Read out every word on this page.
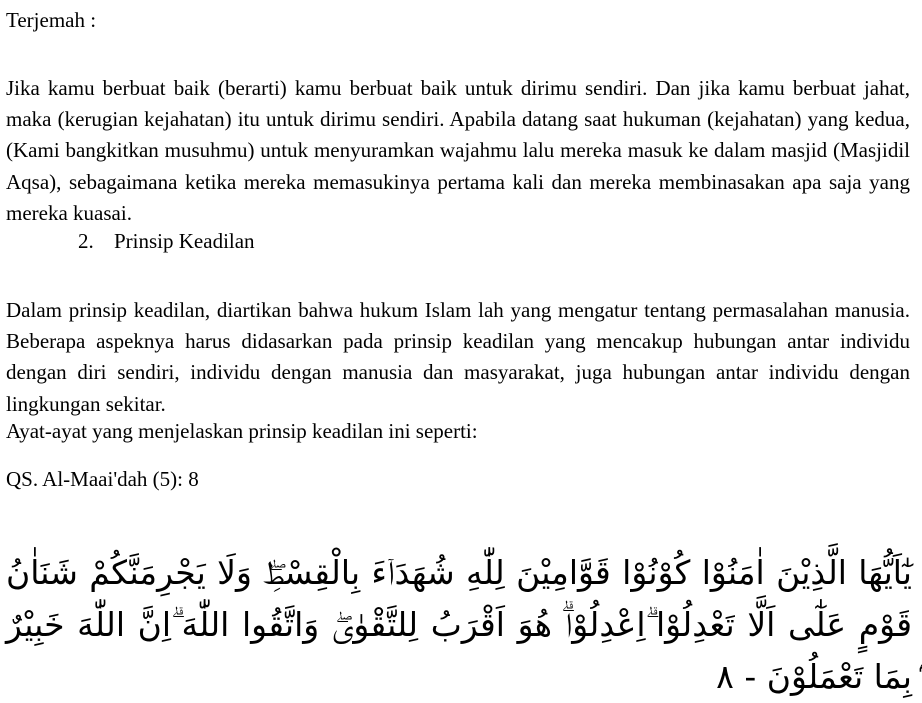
Terjemah :

Jika kamu berbuat baik (berarti) kamu berbuat baik untuk dirimu sendiri. Dan jika kamu berbuat jahat, maka (kerugian kejahatan) itu untuk dirimu sendiri. Apabila datang saat hukuman (kejahatan) yang kedua, (Kami bangkitkan musuhmu) untuk menyuramkan wajahmu lalu mereka masuk ke dalam masjid (Masjidil Aqsa), sebagaimana ketika mereka memasukinya pertama kali dan mereka membinasakan apa saja yang mereka kuasai.

2. Prinsip Keadilan

Dalam prinsip keadilan, diartikan bahwa hukum Islam lah yang mengatur tentang permasalahan manusia. Beberapa aspeknya harus didasarkan pada prinsip keadilan yang mencakup hubungan antar individu dengan diri sendiri, individu dengan manusia dan masyarakat, juga hubungan antar individu dengan lingkungan sekitar.

Ayat-ayat yang menjelaskan prinsip keadilan ini seperti:

QS. Al-Maai'dah (5): 8

يٰٓاَيُّهَا الَّذِيْنَ اٰمَنُوْا كُوْنُوْا قَوَّامِيْنَ لِلّٰهِ شُهَدَاۤءَ بِالْقِسْطِۖ وَلَا يَجْرِمَنَّكُمْ شَنَاٰنُ قَوْمٍ عَلٰٓى اَلَّا تَعْدِلُوْا ۗاِعْدِلُوْاۗ هُوَ اَقْرَبُ لِلتَّقْوٰىۖ وَاتَّقُوا اللّٰهَ ۗاِنَّ اللّٰهَ خَبِيْرٌ ۢبِمَا تَعْمَلُوْنَ - ٨
